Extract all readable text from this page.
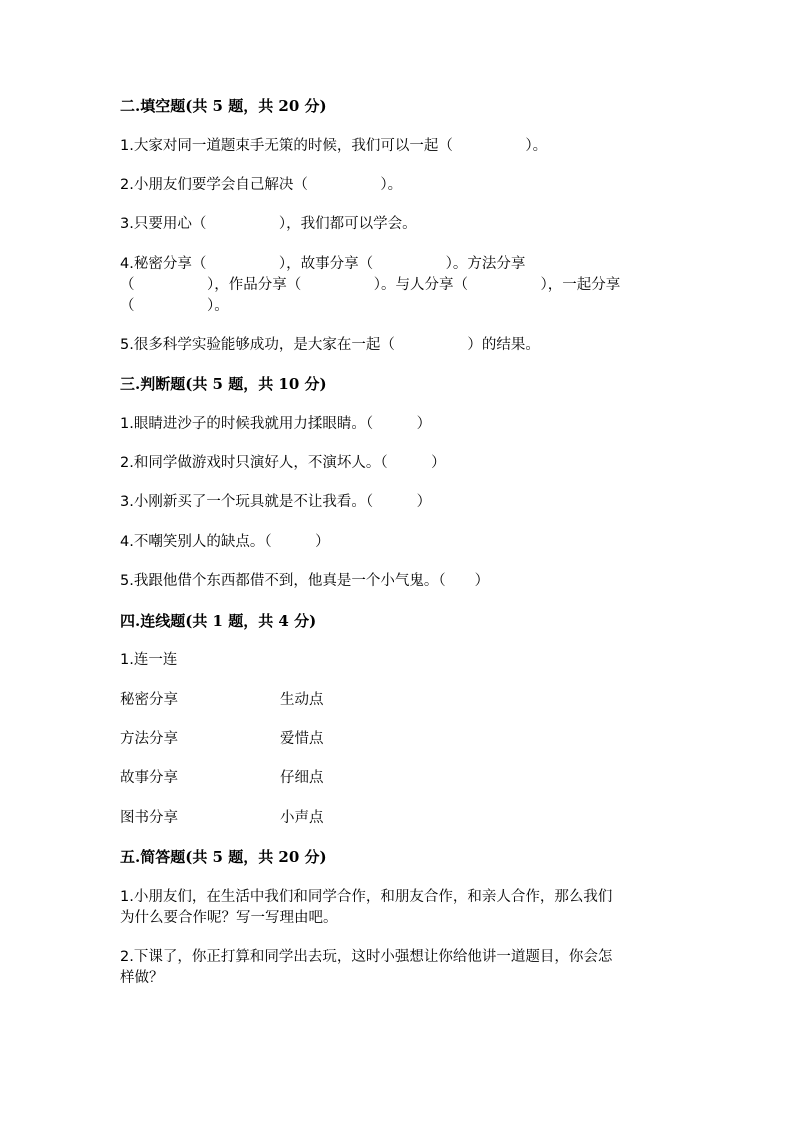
二.填空题(共 5 题，共 20 分)
1.大家对同一道题束手无策的时候，我们可以一起（　　　　　）。
2.小朋友们要学会自己解决（　　　　　）。
3.只要用心（　　　　　），我们都可以学会。
4.秘密分享（　　　　　），故事分享（　　　　　）。方法分享
（　　　　　），作品分享（　　　　　）。与人分享（　　　　　），一起分享
（　　　　　）。
5.很多科学实验能够成功，是大家在一起（　　　　　）的结果。
三.判断题(共 5 题，共 10 分)
1.眼睛进沙子的时候我就用力揉眼睛。（　　　）
2.和同学做游戏时只演好人，不演坏人。（　　　）
3.小刚新买了一个玩具就是不让我看。（　　　）
4.不嘲笑别人的缺点。（　　　）
5.我跟他借个东西都借不到，他真是一个小气鬼。（　　）
四.连线题(共 1 题，共 4 分)
1.连一连
秘密分享	生动点
方法分享	爱惜点
故事分享	仔细点
图书分享	小声点
五.简答题(共 5 题，共 20 分)
1.小朋友们，在生活中我们和同学合作，和朋友合作，和亲人合作，那么我们
为什么要合作呢？写一写理由吧。
2.下课了，你正打算和同学出去玩，这时小强想让你给他讲一道题目，你会怎
样做？
